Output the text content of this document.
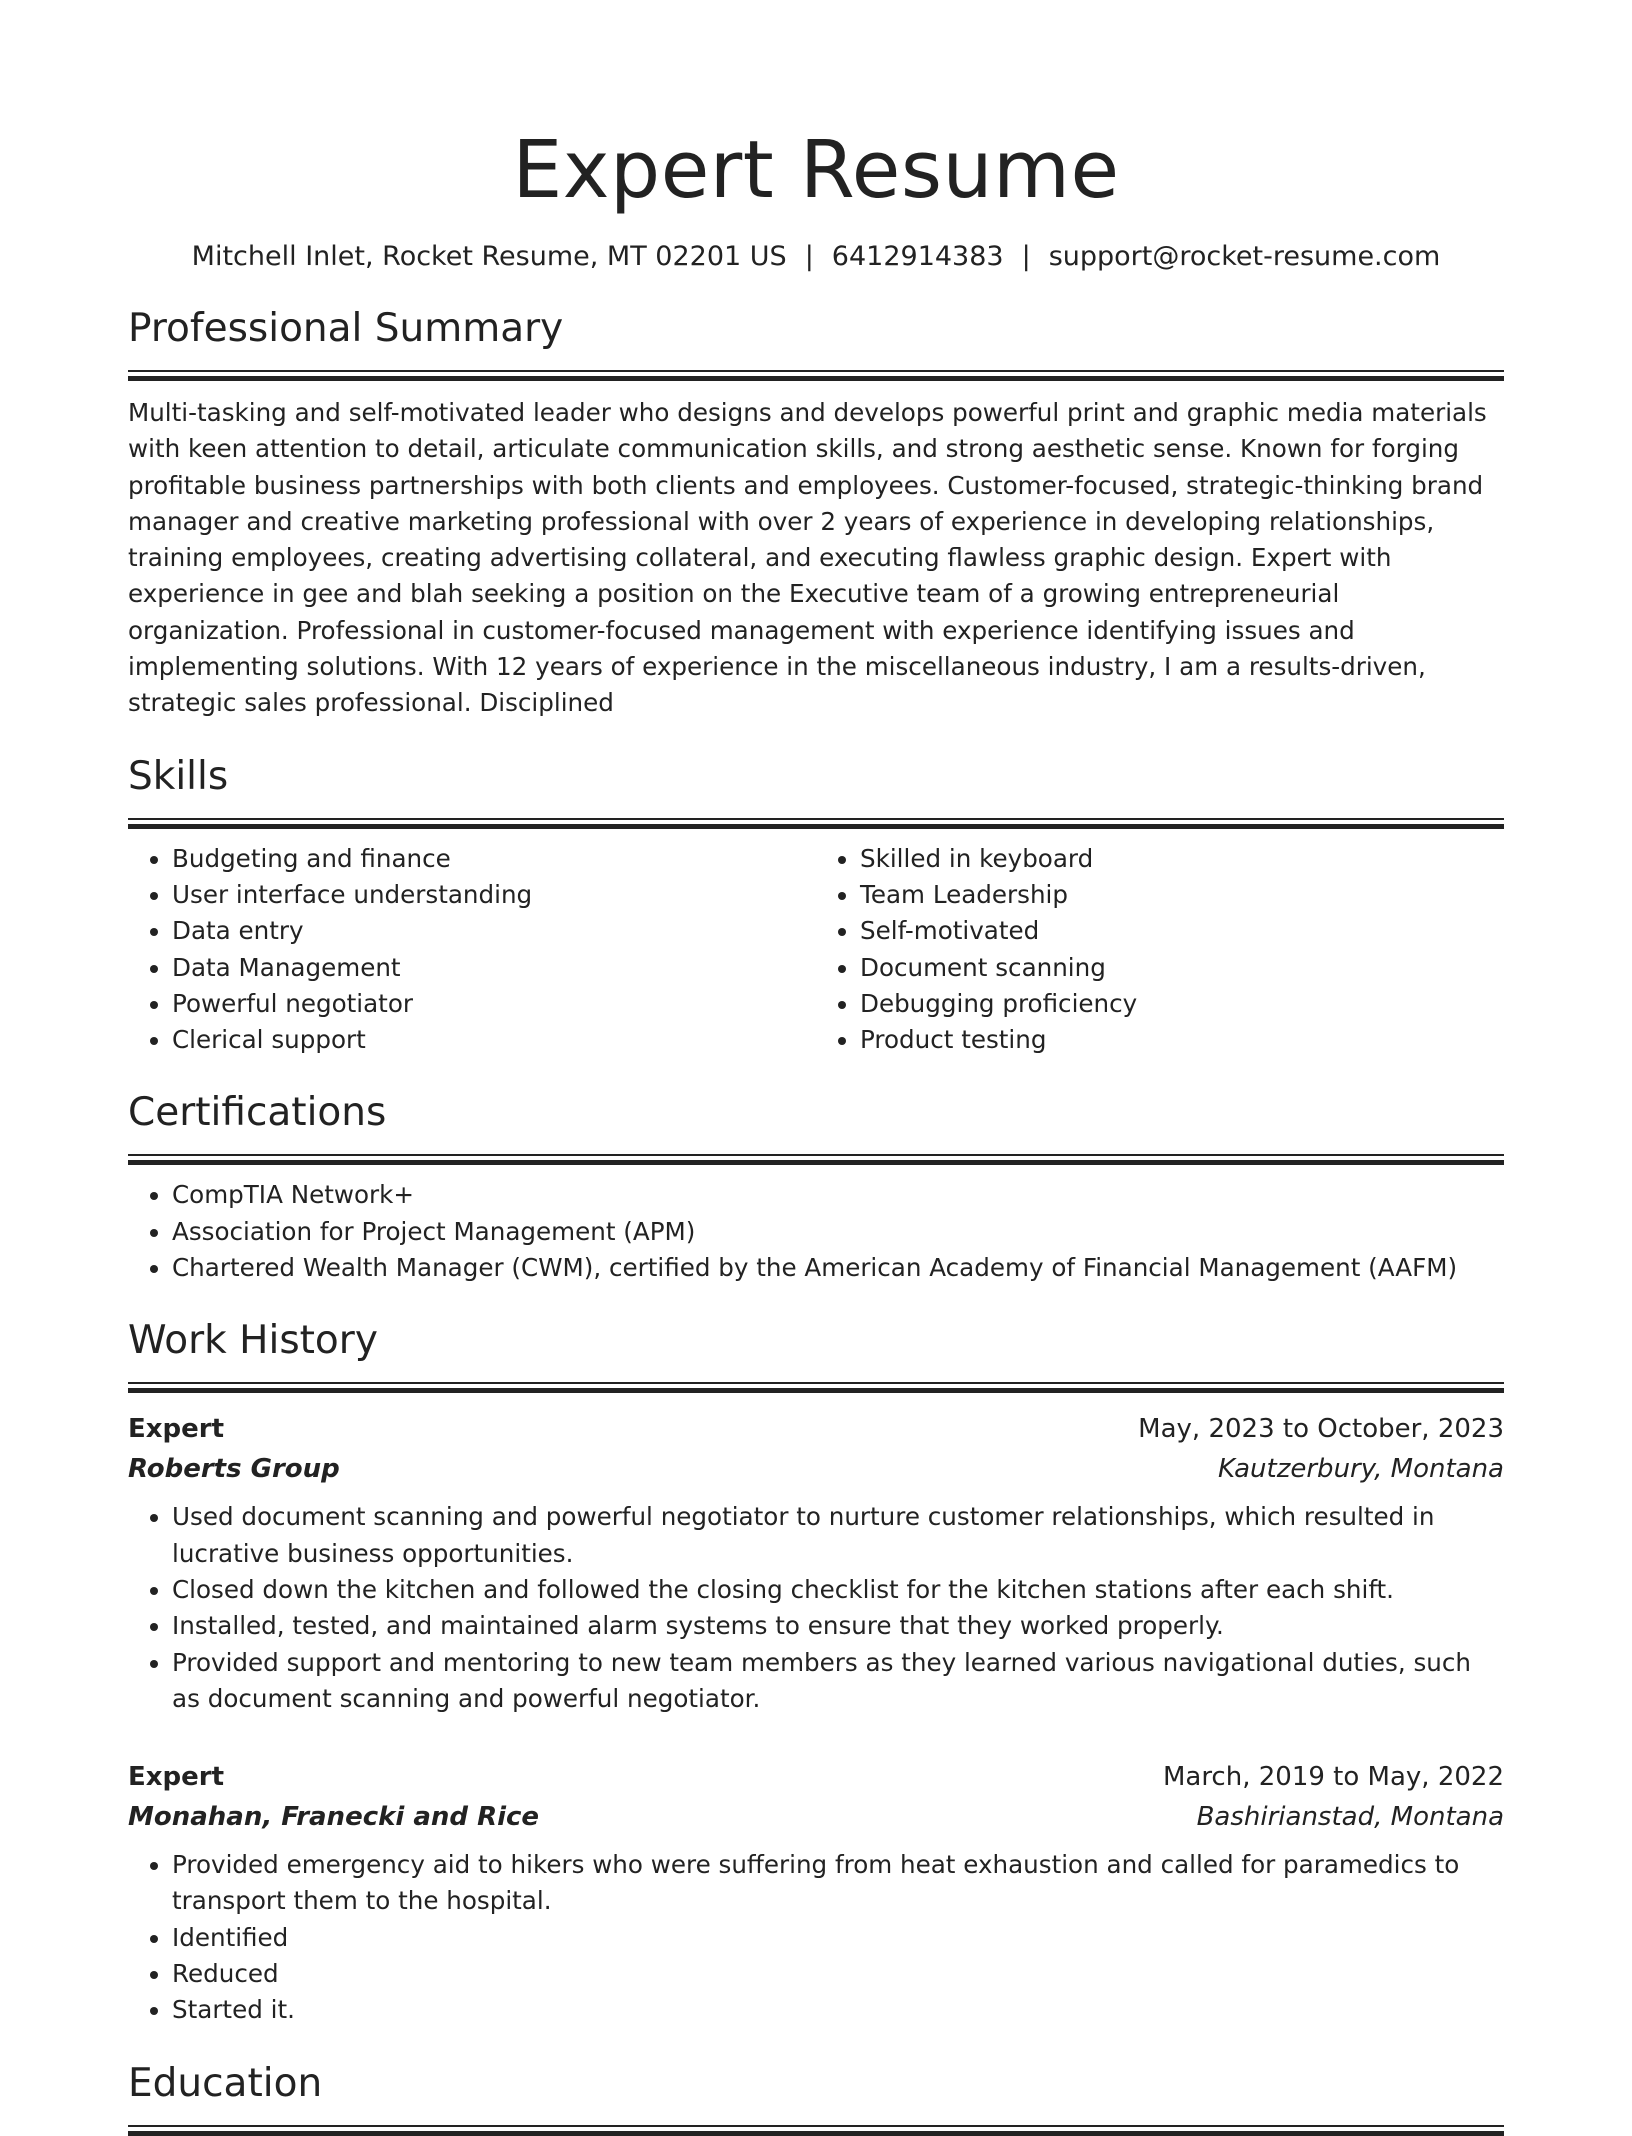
Expert Resume
Mitchell Inlet, Rocket Resume, MT 02201 US | 6412914383 | support@rocket-resume.com
Professional Summary
Multi-tasking and self-motivated leader who designs and develops powerful print and graphic media materials with keen attention to detail, articulate communication skills, and strong aesthetic sense. Known for forging profitable business partnerships with both clients and employees. Customer-focused, strategic-thinking brand manager and creative marketing professional with over 2 years of experience in developing relationships, training employees, creating advertising collateral, and executing flawless graphic design. Expert with experience in gee and blah seeking a position on the Executive team of a growing entrepreneurial organization. Professional in customer-focused management with experience identifying issues and implementing solutions. With 12 years of experience in the miscellaneous industry, I am a results-driven, strategic sales professional. Disciplined
Skills
• Budgeting and finance
• User interface understanding
• Data entry
• Data Management
• Powerful negotiator
• Clerical support
• Skilled in keyboard
• Team Leadership
• Self-motivated
• Document scanning
• Debugging proficiency
• Product testing
Certifications
• CompTIA Network+
• Association for Project Management (APM)
• Chartered Wealth Manager (CWM), certified by the American Academy of Financial Management (AAFM)
Work History
Expert	May, 2023 to October, 2023
Roberts Group	Kautzerbury, Montana
• Used document scanning and powerful negotiator to nurture customer relationships, which resulted in lucrative business opportunities.
• Closed down the kitchen and followed the closing checklist for the kitchen stations after each shift.
• Installed, tested, and maintained alarm systems to ensure that they worked properly.
• Provided support and mentoring to new team members as they learned various navigational duties, such as document scanning and powerful negotiator.
Expert	March, 2019 to May, 2022
Monahan, Franecki and Rice	Bashirianstad, Montana
• Provided emergency aid to hikers who were suffering from heat exhaustion and called for paramedics to transport them to the hospital.
• Identified
• Reduced
• Started it.
Education
